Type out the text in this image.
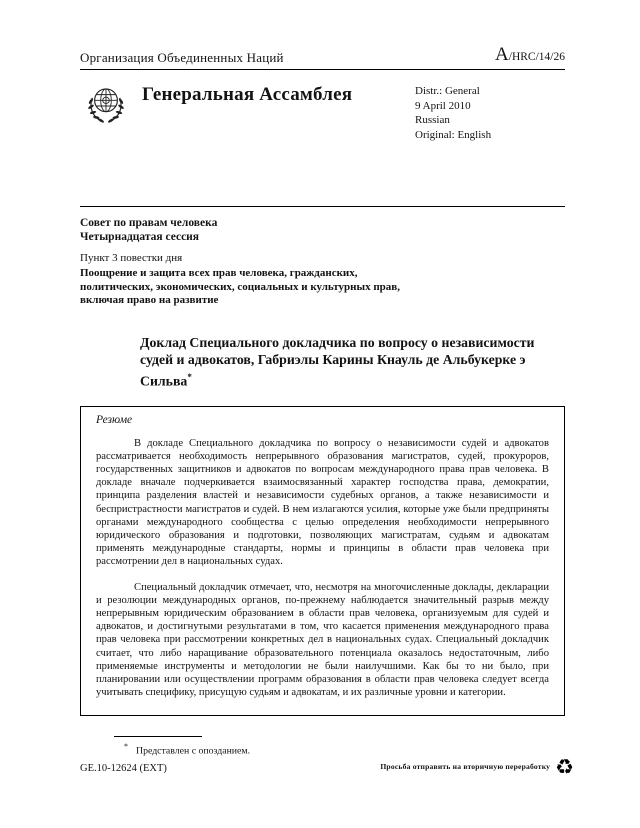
Организация Объединенных Наций	A/HRC/14/26
Генеральная Ассамблея	Distr.: General
9 April 2010
Russian
Original: English
Совет по правам человека
Четырнадцатая сессия
Пункт 3 повестки дня
Поощрение и защита всех прав человека, гражданских, политических, экономических, социальных и культурных прав, включая право на развитие
Доклад Специального докладчика по вопросу о независимости судей и адвокатов, Габриэлы Карины Кнауль де Альбукерке э Сильва*
Резюме

В докладе Специального докладчика по вопросу о независимости судей и адвокатов рассматривается необходимость непрерывного образования магистратов, судей, прокуроров, государственных защитников и адвокатов по вопросам международного права прав человека. В докладе вначале подчеркивается взаимосвязанный характер господства права, демократии, принципа разделения властей и независимости судебных органов, а также независимости и беспристрастности магистратов и судей. В нем излагаются усилия, которые уже были предприняты органами международного сообщества с целью определения необходимости непрерывного юридического образования и подготовки, позволяющих магистратам, судьям и адвокатам применять международные стандарты, нормы и принципы в области прав человека при рассмотрении дел в национальных судах.

Специальный докладчик отмечает, что, несмотря на многочисленные доклады, декларации и резолюции международных органов, по-прежнему наблюдается значительный разрыв между непрерывным юридическим образованием в области прав человека, организуемым для судей и адвокатов, и достигнутыми результатами в том, что касается применения международного права прав человека при рассмотрении конкретных дел в национальных судах. Специальный докладчик считает, что либо наращивание образовательного потенциала оказалось недостаточным, либо применяемые инструменты и методологии не были наилучшими. Как бы то ни было, при планировании или осуществлении программ образования в области прав человека следует всегда учитывать специфику, присущую судьям и адвокатам, и их различные уровни и категории.

* Представлен с опозданием.
GE.10-12624 (EXT)	Просьба отправить на вторичную переработку ♻
